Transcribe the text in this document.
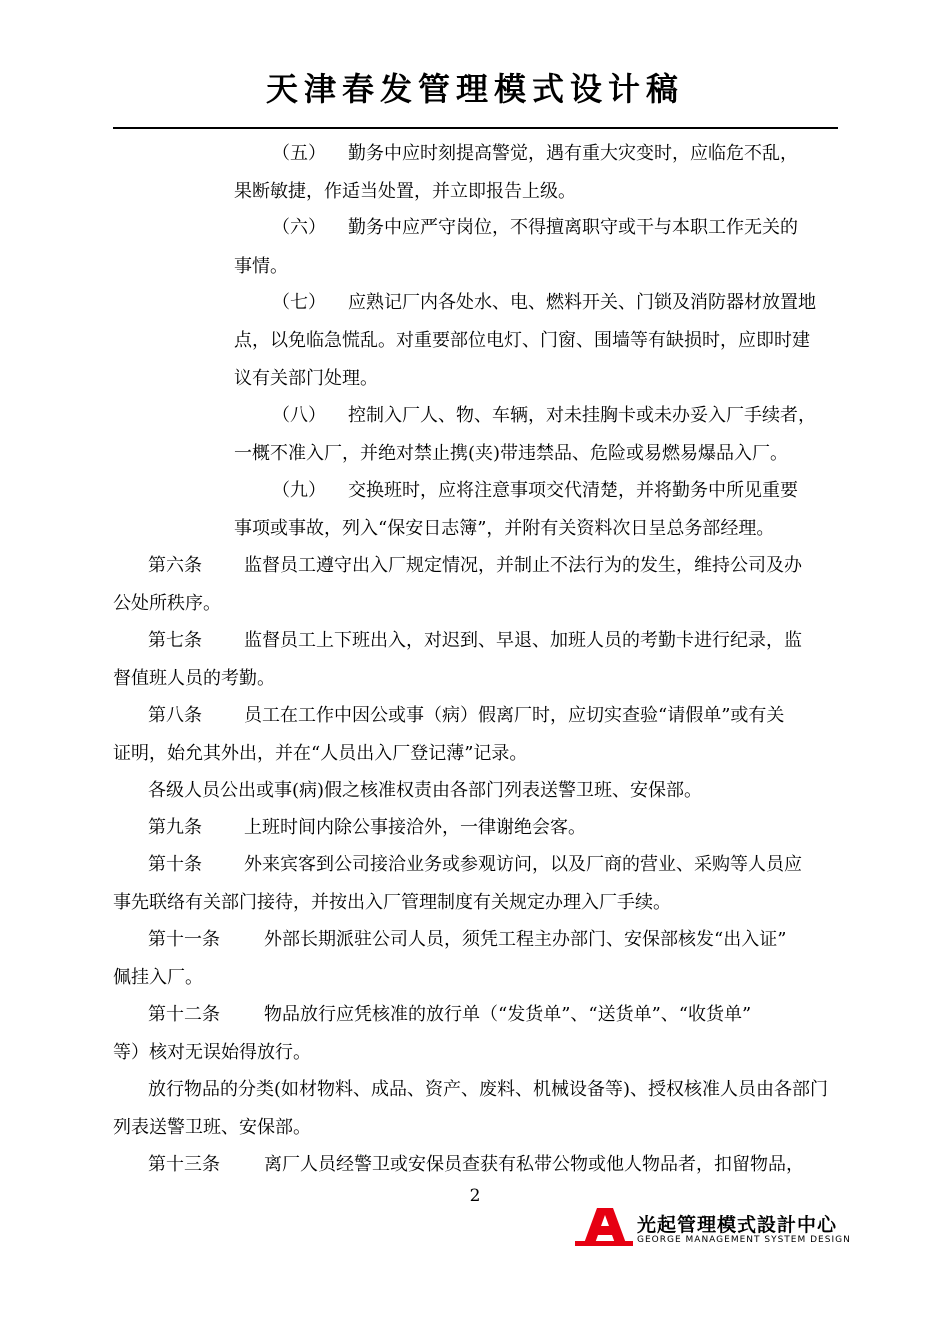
天津春发管理模式设计稿
（五） 勤务中应时刻提高警觉，遇有重大灾变时，应临危不乱，
果断敏捷，作适当处置，并立即报告上级。
（六） 勤务中应严守岗位，不得擅离职守或干与本职工作无关的
事情。
（七） 应熟记厂内各处水、电、燃料开关、门锁及消防器材放置地
点，以免临急慌乱。对重要部位电灯、门窗、围墙等有缺损时，应即时建
议有关部门处理。
（八） 控制入厂人、物、车辆，对未挂胸卡或未办妥入厂手续者，
一概不准入厂，并绝对禁止携(夹)带违禁品、危险或易燃易爆品入厂。
（九） 交换班时，应将注意事项交代清楚，并将勤务中所见重要
事项或事故，列入“保安日志簿”，并附有关资料次日呈总务部经理。
第六条 监督员工遵守出入厂规定情况，并制止不法行为的发生，维持公司及办
公处所秩序。
第七条 监督员工上下班出入，对迟到、早退、加班人员的考勤卡进行纪录，监
督值班人员的考勤。
第八条 员工在工作中因公或事（病）假离厂时，应切实查验“请假单”或有关
证明，始允其外出，并在“人员出入厂登记薄”记录。
各级人员公出或事(病)假之核准权责由各部门列表送警卫班、安保部。
第九条 上班时间内除公事接洽外，一律谢绝会客。
第十条 外来宾客到公司接洽业务或参观访问，以及厂商的营业、采购等人员应
事先联络有关部门接待，并按出入厂管理制度有关规定办理入厂手续。
第十一条 外部长期派驻公司人员，须凭工程主办部门、安保部核发“出入证”
佩挂入厂。
第十二条 物品放行应凭核准的放行单（“发货单”、“送货单”、“收货单”
等）核对无误始得放行。
放行物品的分类(如材物料、成品、资产、废料、机械设备等)、授权核准人员由各部门
列表送警卫班、安保部。
第十三条 离厂人员经警卫或安保员查获有私带公物或他人物品者，扣留物品，
2
光起管理模式設計中心
GEORGE MANAGEMENT SYSTEM DESIGN
